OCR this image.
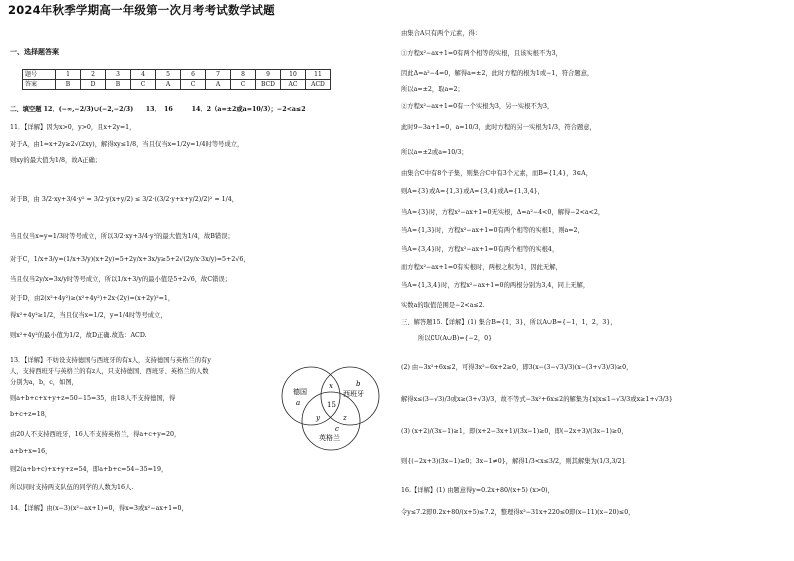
2024年秋季学期高一年级第一次月考考试数学试题
一、选择题答案
题号	1	2	3	4	5	6	7	8	9	10	11
答案	B	D	B	C	A	C	A	C	BCD	AC	ACD
二、填空题 12．(−∞,−2/3)∪(−2,−2/3)　　13．　16　　　14．2（a=±2或a=10/3）；−2<a≤2
11．【详解】因为x>0，y>0，且x+2y=1，
对于A，由1=x+2y≥2√(2xy)，解得xy≤1/8，当且仅当x=1/2y=1/4时等号成立，
则xy的最大值为1/8，故A正确；
对于B，由 3/2·xy+3/4·y² = 3/2·y(x+y/2) ≤ 3/2·((3/2·y+x+y/2)/2)² = 1/4，
当且仅当x=y=1/3时等号成立，所以3/2·xy+3/4·y²的最大值为1/4，故B错误；
对于C，1/x+3/y=(1/x+3/y)(x+2y)=5+2y/x+3x/y≥5+2√(2y/x·3x/y)=5+2√6，
当且仅当2y/x=3x/y时等号成立，所以1/x+3/y的最小值是5+2√6，故C错误；
对于D，由2(x²+4y²)≥(x²+4y²)+2x·(2y)=(x+2y)²=1，
得x²+4y²≥1/2，当且仅当x=1/2，y=1/4时等号成立，
则x²+4y²的最小值为1/2，故D正确.故选：ACD.
13．【详解】不妨设支持德国与西班牙的有x人，支持德国与英格兰的有y
人，支持西班牙与英格兰的有z人，只支持德国、西班牙、英格兰的人数
分别为a，b，c，如图，
则a+b+c+x+y+z=50−15=35，由18人不支持德国，得
b+c+z=18，
由20人不支持西班牙，16人不支持英格兰，得a+c+y=20，
a+b+x=16，
则2(a+b+c)+x+y+z=54，即a+b+c=54−35=19，
所以同时支持两支队伍的同学的人数为16人.
14．【详解】由(x−3)(x²−ax+1)=0，得x=3或x²−ax+1=0，
德国
a
b
西班牙
x
15
y	z
c
英格兰
由集合A只有两个元素，得：
①方程x²−ax+1=0有两个相等的实根，且该实根不为3，
因此Δ=a²−4=0，解得a=±2，此时方程的根为1或−1，符合题意，
所以a=±2，取a=2；
②方程x²−ax+1=0有一个实根为3，另一实根不为3，
此时9−3a+1=0，a=10/3，此时方程的另一实根为1/3，符合题意，
所以a=±2或a=10/3；
由集合C中有8个子集，则集合C中有3个元素，而B={1,4}，3∈A，
则A={3}或A={1,3}或A={3,4}或A={1,3,4}，
当A={3}时，方程x²−ax+1=0无实根，Δ=a²−4<0，解得−2<a<2，
当A={1,3}时，方程x²−ax+1=0有两个相等的实根1，则a=2，
当A={3,4}时，方程x²−ax+1=0有两个相等的实根4，
而方程x²−ax+1=0有实根时，两根之积为1，因此无解，
当A={1,3,4}时，方程x²−ax+1=0的两根分别为3,4，同上无解，
实数a的取值范围是−2<a≤2.
三、解答题15.【详解】(1) 集合B={1，3}，所以A∪B={−1，1，2，3}，
所以∁U(A∪B)={−2，0}
(2) 由−3x²+6x≤2，可得3x²−6x+2≥0，即3(x−(3−√3)/3)(x−(3+√3)/3)≥0，
解得x≤(3−√3)/3或x≥(3+√3)/3，故不等式−3x²+6x≤2的解集为{x|x≤1−√3/3或x≥1+√3/3}
(3) (x+2)/(3x−1)≥1，即(x+2−3x+1)/(3x−1)≥0，即(−2x+3)/(3x−1)≥0，
则{(−2x+3)(3x−1)≥0；3x−1≠0}，解得1/3<x≤3/2，则其解集为(1/3,3/2].
16.【详解】(1) 由题意得y=0.2x+80/(x+5) (x>0)，
令y≤7.2即0.2x+80/(x+5)≤7.2，整理得x²−31x+220≤0即(x−11)(x−20)≤0，
